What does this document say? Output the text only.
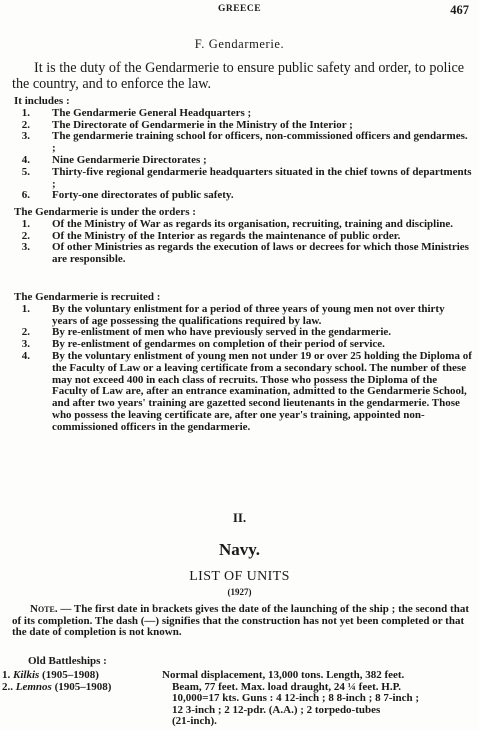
GREECE	467
F. Gendarmerie.

It is the duty of the Gendarmerie to ensure public safety and order, to police the country, and to enforce the law.

It includes :

1.	The Gendarmerie General Headquarters ;
2.	The Directorate of Gendarmerie in the Ministry of the Interior ;
3.	The gendarmerie training school for officers, non-commissioned officers and gendarmes. ;
4.	Nine Gendarmerie Directorates ;
5.	Thirty-five regional gendarmerie headquarters situated in the chief towns of departments ;
6.	Forty-one directorates of public safety.

The Gendarmerie is under the orders :

1.	Of the Ministry of War as regards its organisation, recruiting, training and discipline.
2.	Of the Ministry of the Interior as regards the maintenance of public order.
3.	Of other Ministries as regards the execution of laws or decrees for which those Ministries are responsible.

The Gendarmerie is recruited :

1.	By the voluntary enlistment for a period of three years of young men not over thirty years of age possessing the qualifications required by law.
2.	By re-enlistment of men who have previously served in the gendarmerie.
3.	By re-enlistment of gendarmes on completion of their period of service.
4.	By the voluntary enlistment of young men not under 19 or over 25 holding the Diploma of the Faculty of Law or a leaving certificate from a secondary school. The number of these may not exceed 400 in each class of recruits. Those who possess the Diploma of the Faculty of Law are, after an entrance examination, admitted to the Gendarmerie School, and after two years' training are gazetted second lieutenants in the gendarmerie. Those who possess the leaving certificate are, after one year's training, appointed non-commissioned officers in the gendarmerie.
II.
Navy.
LIST OF UNITS
(1927)

Note. — The first date in brackets gives the date of the launching of the ship ; the second that of its completion. The dash (—) signifies that the construction has not yet been completed or that the date of completion is not known.

Old Battleships :

1. Kilkis (1905–1908)

2.. Lemnos (1905–1908)

Normal displacement, 13,000 tons. Length, 382 feet.
Beam, 77 feet. Max. load draught, 24 ¼ feet. H.P.
10,000=17 kts. Guns : 4 12-inch ; 8 8-inch ; 8 7-inch ;
12 3-inch ; 2 12-pdr. (A.A.) ; 2 torpedo-tubes
(21-inch).
